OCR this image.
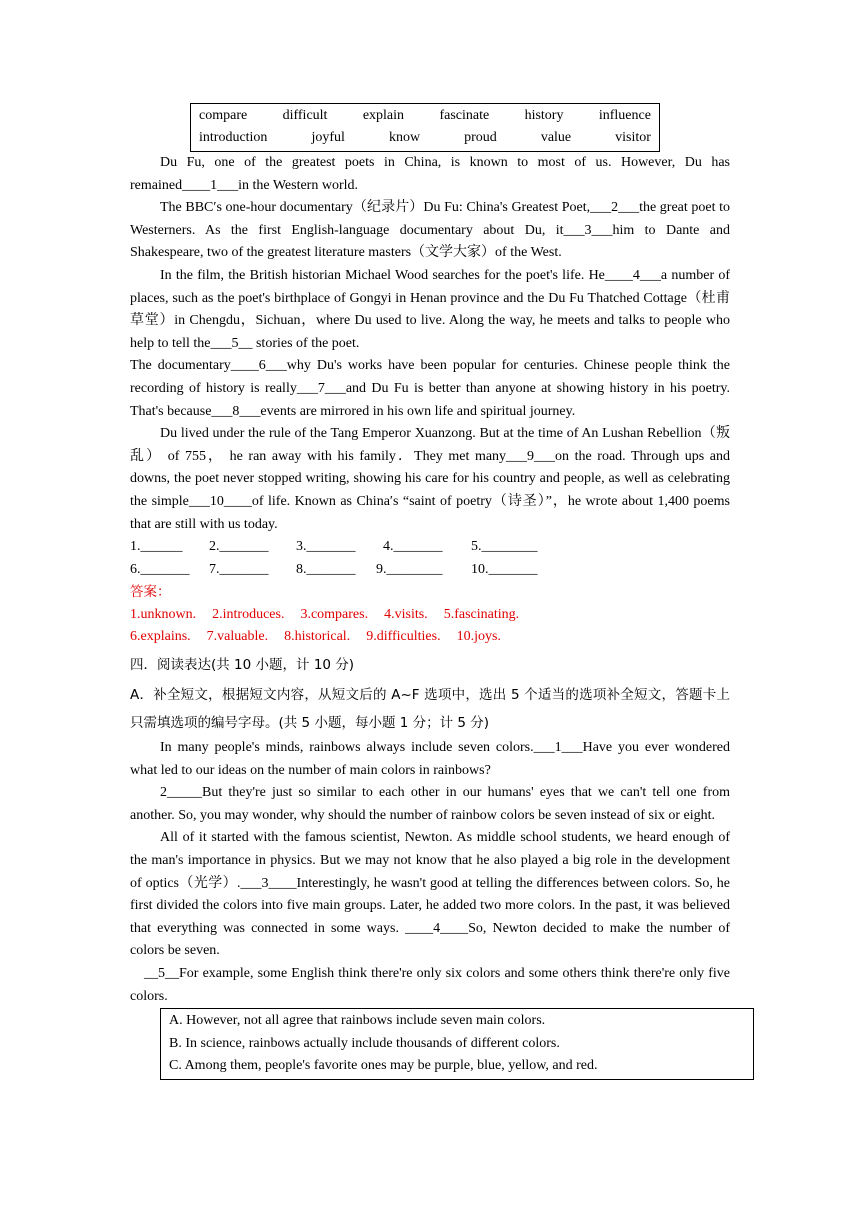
compare	difficult	explain	fascinate	history	influence
introduction	joyful	know	proud	value	visitor

Du Fu, one of the greatest poets in China, is known to most of us. However, Du has remained____1___in the Western world.

The BBC′s one-hour documentary（纪录片）Du Fu: China's Greatest Poet,___2___the great poet to Westerners. As the first English-language documentary about Du, it___3___him to Dante and Shakespeare, two of the greatest literature masters（文学大家）of the West.

In the film, the British historian Michael Wood searches for the poet's life. He____4___a number of places, such as the poet's birthplace of Gongyi in Henan province and the Du Fu Thatched Cottage（杜甫草堂）in Chengdu，Sichuan，where Du used to live. Along the way, he meets and talks to people who help to tell the___5__ stories of the poet.

The documentary____6___why Du's works have been popular for centuries. Chinese people think the recording of history is really___7___and Du Fu is better than anyone at showing history in his poetry. That's because___8___events are mirrored in his own life and spiritual journey.

Du lived under the rule of the Tang Emperor Xuanzong. But at the time of An Lushan Rebellion（叛乱） of 755， he ran away with his family．They met many___9___on the road. Through ups and downs, the poet never stopped writing, showing his care for his country and people, as well as celebrating the simple___10____of life. Known as China′s “saint of poetry（诗圣）”，he wrote about 1,400 poems that are still with us today.

1.______	2._______	3._______	4._______	5.________
6._______	7._______	8._______	9.________	10._______
答案：
1.unknown. 2.introduces. 3.compares. 4.visits. 5.fascinating.
6.explains. 7.valuable. 8.historical. 9.difficulties. 10.joys.
四．阅读表达(共 10 小题，计 10 分)

A．补全短文，根据短文内容，从短文后的 A~F 选项中，选出 5 个适当的选项补全短文，答题卡上只需填选项的编号字母。(共 5 小题，每小题 1 分；计 5 分)

In many people's minds, rainbows always include seven colors.___1___Have you ever wondered what led to our ideas on the number of main colors in rainbows?

2_____But they're just so similar to each other in our humans' eyes that we can't tell one from another. So, you may wonder, why should the number of rainbow colors be seven instead of six or eight.

All of it started with the famous scientist, Newton. As middle school students, we heard enough of the man's importance in physics. But we may not know that he also played a big role in the development of optics（光学）.___3____Interestingly, he wasn't good at telling the differences between colors. So, he first divided the colors into five main groups. Later, he added two more colors. In the past, it was believed that everything was connected in some ways. ____4____So, Newton decided to make the number of colors be seven.

__5__For example, some English think there're only six colors and some others think there're only five colors.

A. However, not all agree that rainbows include seven main colors.
B. In science, rainbows actually include thousands of different colors.
C. Among them, people's favorite ones may be purple, blue, yellow, and red.
